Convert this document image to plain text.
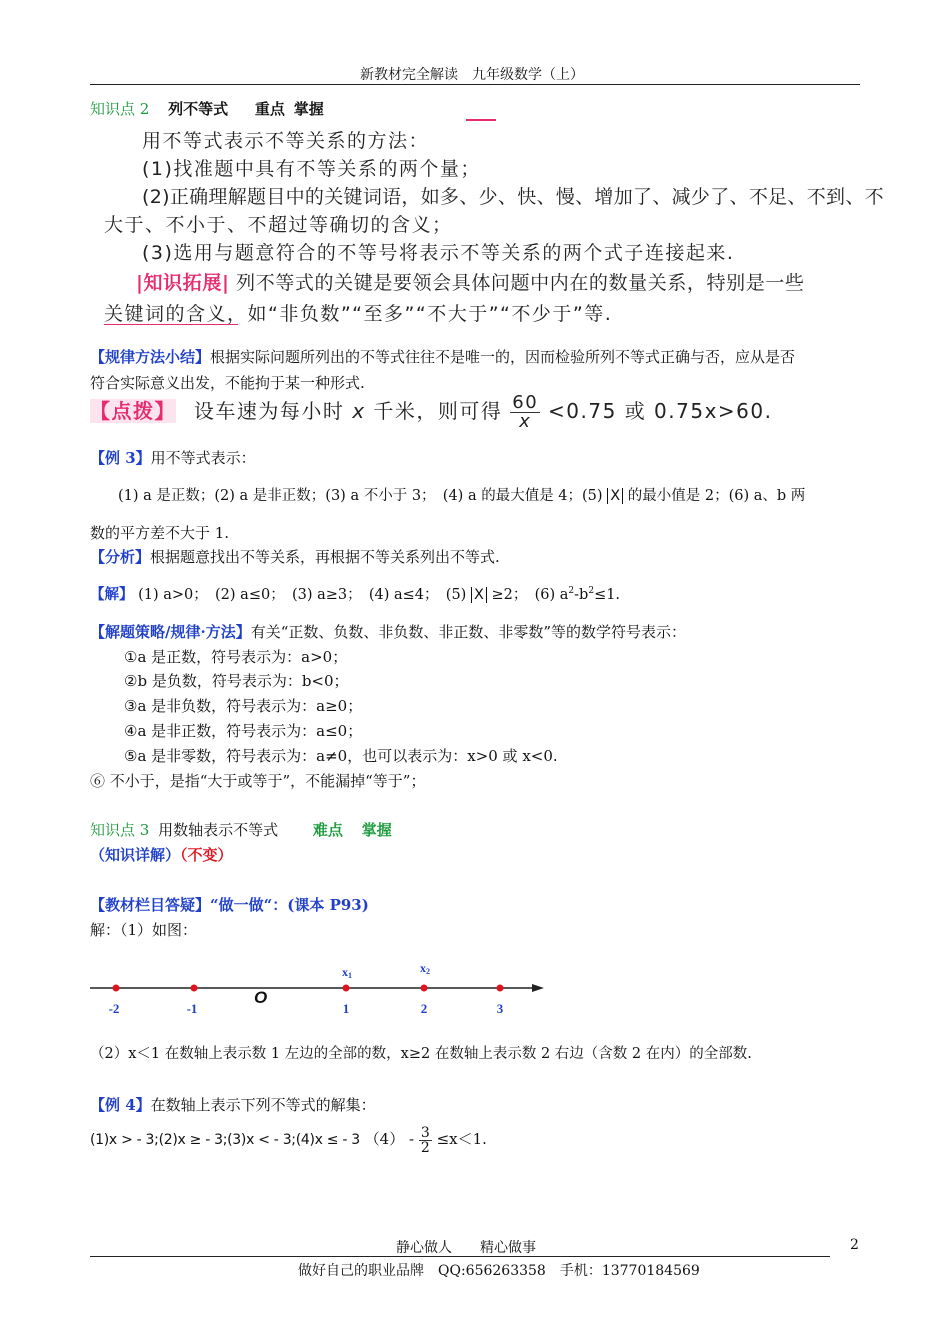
新教材完全解读　九年级数学（上）
知识点 2 列不等式 重点 掌握
用不等式表示不等关系的方法：
(1)找准题中具有不等关系的两个量；
(2)正确理解题目中的关键词语，如多、少、快、慢、增加了、减少了、不足、不到、不
大于、不小于、不超过等确切的含义；
(3)选用与题意符合的不等号将表示不等关系的两个式子连接起来.
|知识拓展| 列不等式的关键是要领会具体问题中内在的数量关系，特别是一些
关键词的含义，如“非负数”“至多”“不大于”“不少于”等.
【规律方法小结】根据实际问题所列出的不等式往往不是唯一的，因而检验所列不等式正确与否，应从是否
符合实际意义出发，不能拘于某一种形式.
【点拨】 设车速为每小时 x 千米，则可得 $\frac{60}{x} <0.75$ 或 0.75x>60.
【例 3】用不等式表示：
(1) a 是正数；(2) a 是非正数；(3) a 不小于 3；　(4) a 的最大值是 4；(5) X 的最小值是 2；(6) a、b 两
数的平方差不大于 1.
【分析】根据题意找出不等关系，再根据不等关系列出不等式.
【解】 (1) a>0；　(2) a≤0；　(3) a≥3；　(4) a≤4；　(5) X ≥2；　(6) $a^2-b^2\le 1$.
【解题策略/规律·方法】有关“正数、负数、非负数、非正数、非零数”等的数学符号表示：
①a 是正数，符号表示为：a>0；
②b 是负数，符号表示为：b<0；
③a 是非负数，符号表示为：a≥0；
④a 是非正数，符号表示为：a≤0；
⑤a 是非零数，符号表示为：a≠0，也可以表示为：x>0 或 x<0.
⑥ 不小于，是指“大于或等于”，不能漏掉“等于”；
知识点 3 用数轴表示不等式 难点 掌握
（知识详解）（不变）
【教材栏目答疑】“做一做“：(课本 P93)
解：（1）如图：
-2	-1	1	2	3
O
x1
x2
（2）x＜1 在数轴上表示数 1 左边的全部的数，x≥2 在数轴上表示数 2 右边（含数 2 在内）的全部数.
【例 4】在数轴上表示下列不等式的解集：
(1)x > - 3;(2)x ≥ - 3;(3)x < - 3;(4)x ≤ - 3 $(4) - \frac{3}{2} \le x<1$.
静心做人　　精心做事	2
做好自己的职业品牌　QQ:656263358　手机：13770184569
